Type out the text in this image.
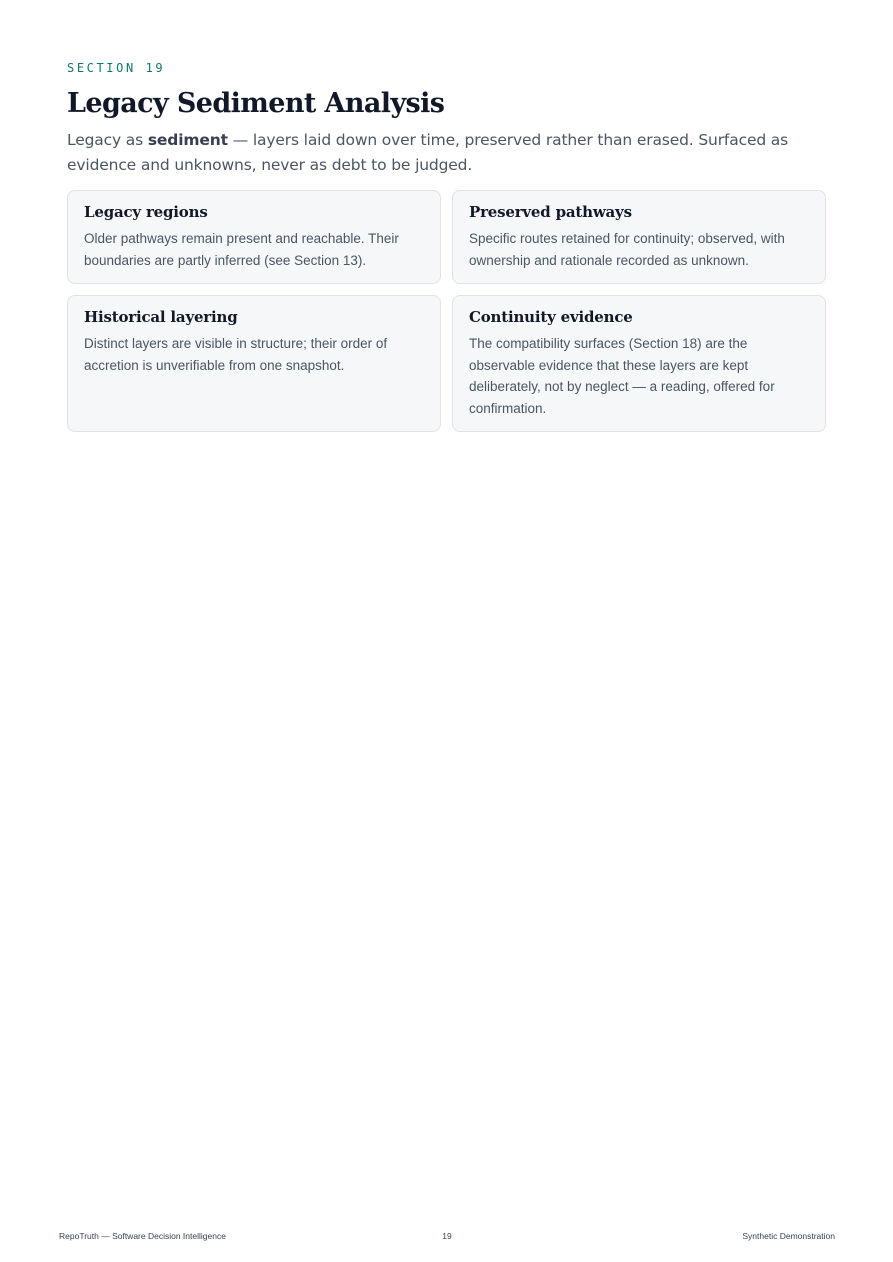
SECTION 19

Legacy Sediment Analysis

Legacy as sediment — layers laid down over time, preserved rather than erased. Surfaced as evidence and unknowns, never as debt to be judged.

Legacy regions

Older pathways remain present and reachable. Their boundaries are partly inferred (see Section 13).

Preserved pathways

Specific routes retained for continuity; observed, with ownership and rationale recorded as unknown.

Historical layering

Distinct layers are visible in structure; their order of accretion is unverifiable from one snapshot.

Continuity evidence

The compatibility surfaces (Section 18) are the observable evidence that these layers are kept deliberately, not by neglect — a reading, offered for confirmation.

RepoTruth — Software Decision Intelligence	19	Synthetic Demonstration
